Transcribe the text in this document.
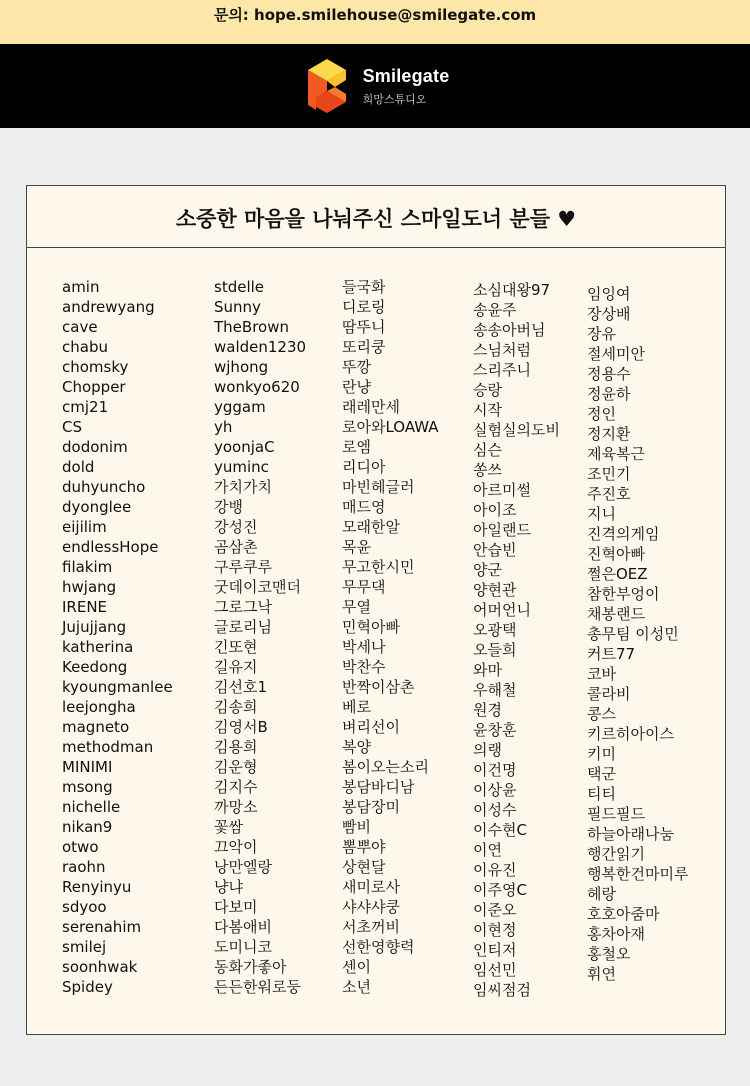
문의: hope.smilehouse@smilegate.com
Smilegate
희망스튜디오
소중한 마음을 나눠주신 스마일도너 분들 ♥
amin
andrewyang
cave
chabu
chomsky
Chopper
cmj21
CS
dodonim
dold
duhyuncho
dyonglee
eijilim
endlessHope
filakim
hwjang
IRENE
Jujujjang
katherina
Keedong
kyoungmanlee
leejongha
magneto
methodman
MINIMI
msong
nichelle
nikan9
otwo
raohn
Renyinyu
sdyoo
serenahim
smilej
soonhwak
Spidey
stdelle
Sunny
TheBrown
walden1230
wjhong
wonkyo620
yggam
yh
yoonjaC
yuminc
가치가치
강뱅
강성진
곰삼촌
구루쿠루
굿데이코맨더
그로그낙
글로리님
긴또현
길유지
김선호1
김송희
김영서B
김용희
김운형
김지수
까망소
꽃쌈
끄악이
낭만엘랑
냥냐
다보미
다봄애비
도미니코
동화가좋아
든든한워로둥
들국화
디로링
땀뚜니
또리쿵
뚜깡
란냥
래레만세
로아와LOAWA
로엠
리디아
마빈헤글러
매드영
모래한알
목윤
무고한시민
무무댁
무열
민혁아빠
박세나
박찬수
반짝이삼촌
베로
벼리선이
복양
봄이오는소리
봉담바디남
봉담장미
빰비
뽐뿌야
상현달
새미로사
샤샤샤쿵
서초꺼비
선한영향력
센이
소년
소심대왕97
송윤주
송송아버님
스님처럼
스리주니
승랑
시작
실험실의도비
심슨
쏭쓰
아르미썰
아이조
아일랜드
안습빈
양군
양현관
어머언니
오광택
오들희
와마
우해철
원경
윤창훈
의랭
이건명
이상윤
이성수
이수현C
이연
이유진
이주영C
이준오
이현정
인티저
임선민
임씨점검
임잉여
장상배
장유
절세미안
정용수
정윤하
정인
정지환
제육복근
조민기
주진호
지니
진격의게임
진혁아빠
쩔은OEZ
참한부엉이
채봉랜드
총무팀 이성민
커트77
코바
콜라비
콩스
키르히아이스
키미
택군
티티
필드필드
하늘아래나눔
행간읽기
행복한건마미루
헤랑
호호아줌마
홍차아재
홍철오
휘연
